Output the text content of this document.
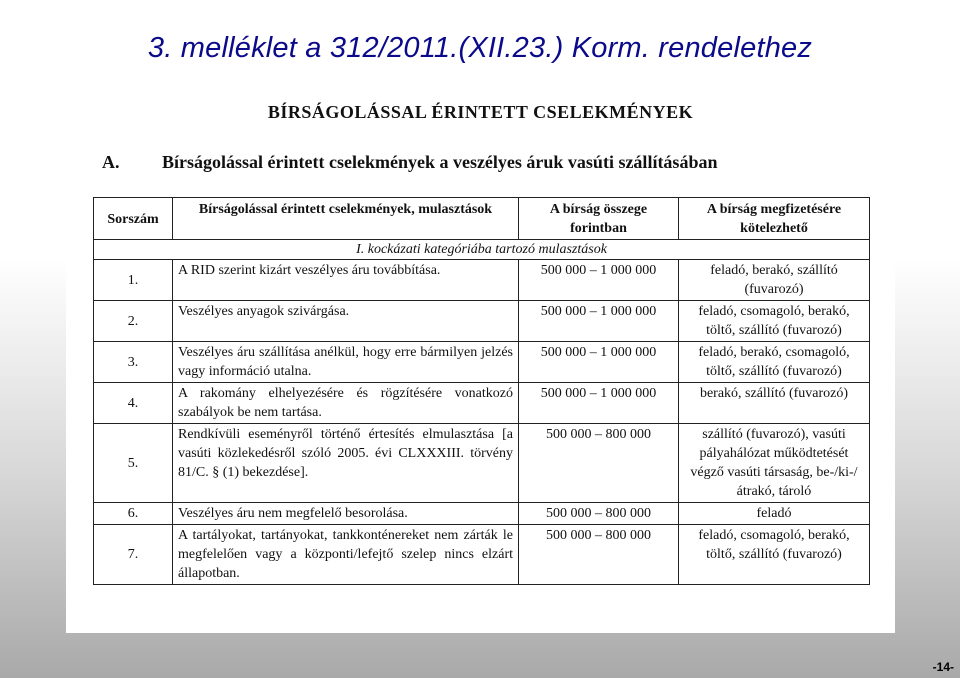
3. melléklet a 312/2011.(XII.23.) Korm. rendelethez
BÍRSÁGOLÁSSAL ÉRINTETT CSELEKMÉNYEK
A. Bírságolással érintett cselekmények a veszélyes áruk vasúti szállításában
Sorszám	Bírságolással érintett cselekmények, mulasztások	A bírság összege forintban	A bírság megfizetésére kötelezhető
I. kockázati kategóriába tartozó mulasztások			
1.	A RID szerint kizárt veszélyes áru továbbítása.	500 000 – 1 000 000	feladó, berakó, szállító (fuvarozó)
2.	Veszélyes anyagok szivárgása.	500 000 – 1 000 000	feladó, csomagoló, berakó, töltő, szállító (fuvarozó)
3.	Veszélyes áru szállítása anélkül, hogy erre bármilyen jelzés vagy információ utalna.	500 000 – 1 000 000	feladó, berakó, csomagoló, töltő, szállító (fuvarozó)
4.	A rakomány elhelyezésére és rögzítésére vonatkozó szabályok be nem tartása.	500 000 – 1 000 000	berakó, szállító (fuvarozó)
5.	Rendkívüli eseményről történő értesítés elmulasztása [a vasúti közlekedésről szóló 2005. évi CLXXXIII. törvény 81/C. § (1) bekezdése].	500 000 – 800 000	szállító (fuvarozó), vasúti pályahálózat működtetését végző vasúti társaság, be-/ki-/átrakó, tároló
6.	Veszélyes áru nem megfelelő besorolása.	500 000 – 800 000	feladó
7.	A tartályokat, tartányokat, tankkonténereket nem zárták le megfelelően vagy a központi/lefejtő szelep nincs elzárt állapotban.	500 000 – 800 000	feladó, csomagoló, berakó, töltő, szállító (fuvarozó)
-14-
